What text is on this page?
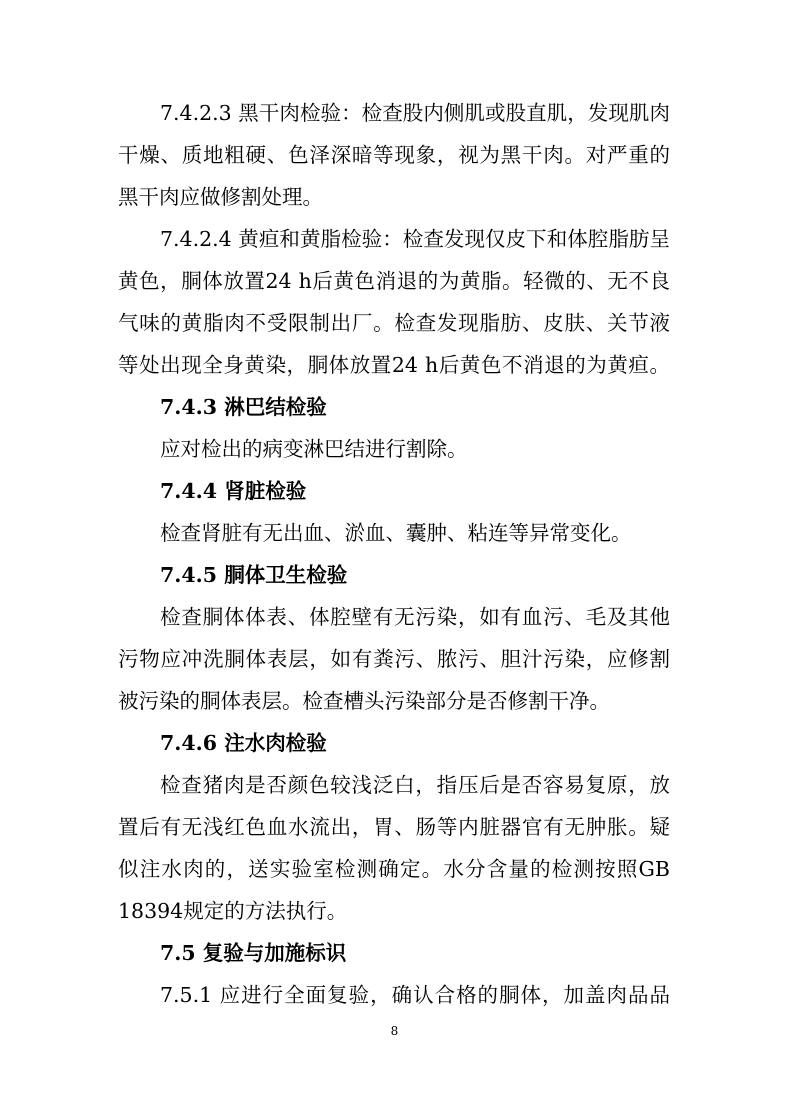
7.4.2.3 黑干肉检验：检查股内侧肌或股直肌，发现肌肉
干燥、质地粗硬、色泽深暗等现象，视为黑干肉。对严重的
黑干肉应做修割处理。
7.4.2.4 黄疸和黄脂检验：检查发现仅皮下和体腔脂肪呈
黄色，胴体放置24 h后黄色消退的为黄脂。轻微的、无不良
气味的黄脂肉不受限制出厂。检查发现脂肪、皮肤、关节液
等处出现全身黄染，胴体放置24 h后黄色不消退的为黄疸。
7.4.3 淋巴结检验
应对检出的病变淋巴结进行割除。
7.4.4 肾脏检验
检查肾脏有无出血、淤血、囊肿、粘连等异常变化。
7.4.5 胴体卫生检验
检查胴体体表、体腔壁有无污染，如有血污、毛及其他
污物应冲洗胴体表层，如有粪污、脓污、胆汁污染，应修割
被污染的胴体表层。检查槽头污染部分是否修割干净。
7.4.6 注水肉检验
检查猪肉是否颜色较浅泛白，指压后是否容易复原，放
置后有无浅红色血水流出，胃、肠等内脏器官有无肿胀。疑
似注水肉的，送实验室检测确定。水分含量的检测按照GB
18394规定的方法执行。
7.5 复验与加施标识
7.5.1 应进行全面复验，确认合格的胴体，加盖肉品品
8
